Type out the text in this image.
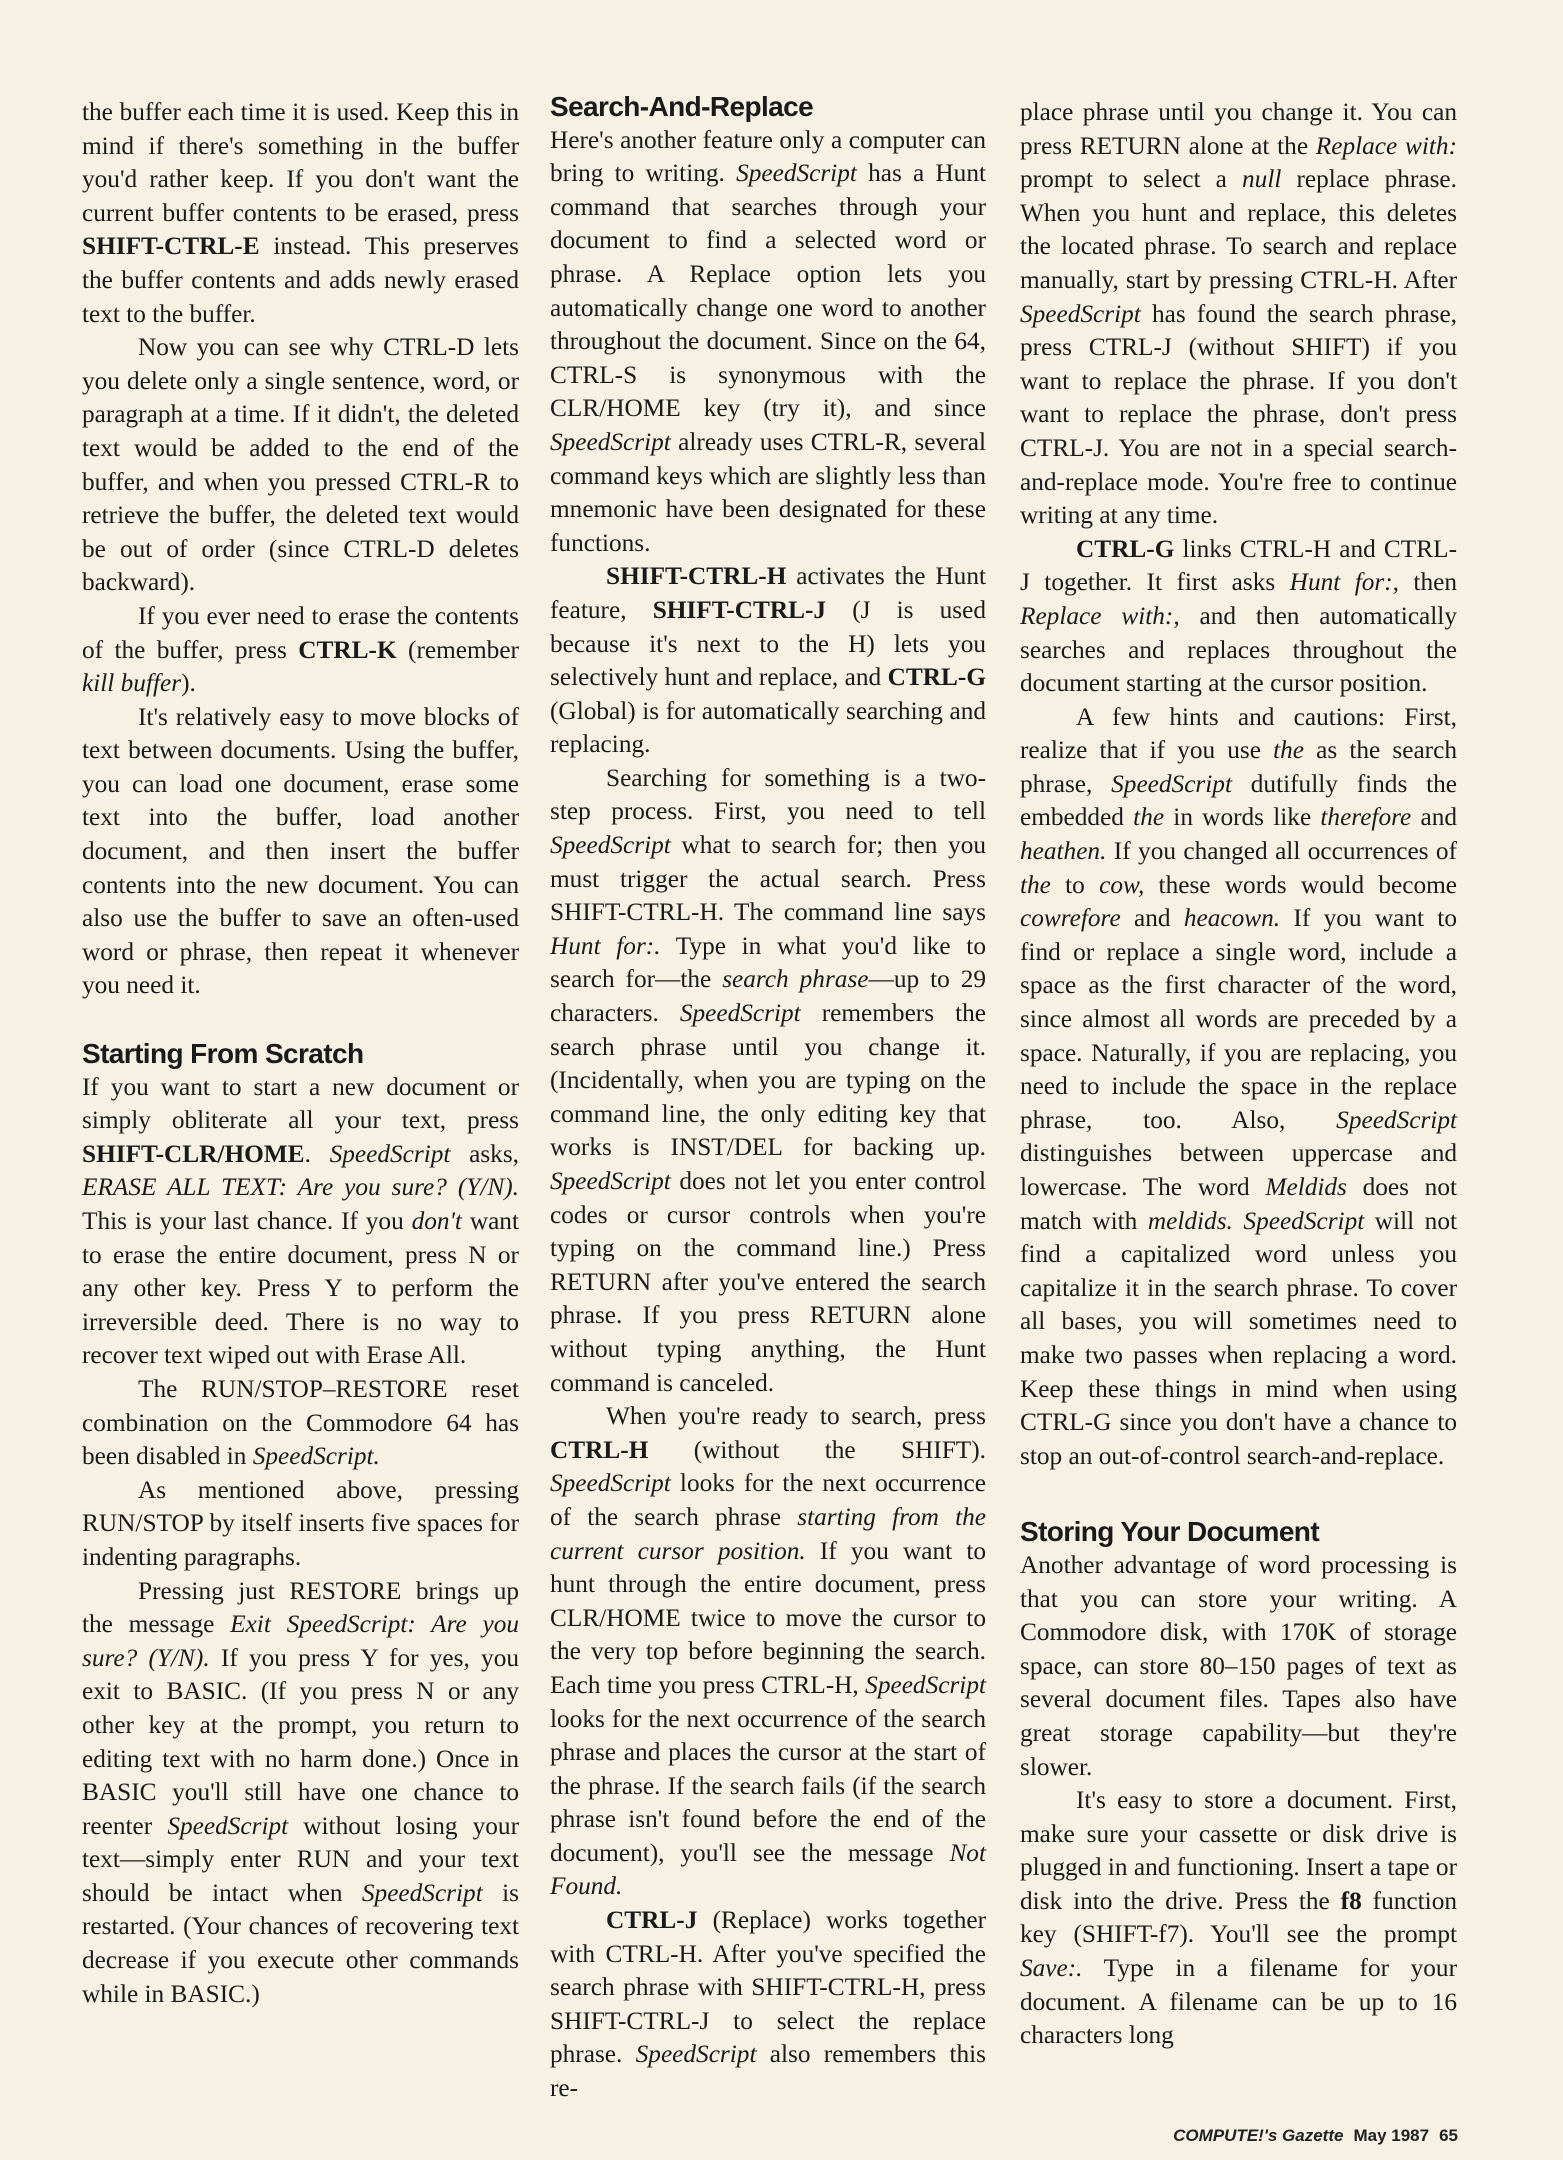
the buffer each time it is used. Keep this in mind if there's something in the buffer you'd rather keep. If you don't want the current buffer contents to be erased, press SHIFT-CTRL-E instead. This preserves the buffer contents and adds newly erased text to the buffer.

Now you can see why CTRL-D lets you delete only a single sentence, word, or paragraph at a time. If it didn't, the deleted text would be added to the end of the buffer, and when you pressed CTRL-R to retrieve the buffer, the deleted text would be out of order (since CTRL-D deletes backward).

If you ever need to erase the contents of the buffer, press CTRL-K (remember kill buffer).

It's relatively easy to move blocks of text between documents. Using the buffer, you can load one document, erase some text into the buffer, load another document, and then insert the buffer contents into the new document. You can also use the buffer to save an often-used word or phrase, then repeat it whenever you need it.

Starting From Scratch

If you want to start a new document or simply obliterate all your text, press SHIFT-CLR/HOME. SpeedScript asks, ERASE ALL TEXT: Are you sure? (Y/N). This is your last chance. If you don't want to erase the entire document, press N or any other key. Press Y to perform the irreversible deed. There is no way to recover text wiped out with Erase All.

The RUN/STOP–RESTORE reset combination on the Commodore 64 has been disabled in SpeedScript.

As mentioned above, pressing RUN/STOP by itself inserts five spaces for indenting paragraphs.

Pressing just RESTORE brings up the message Exit SpeedScript: Are you sure? (Y/N). If you press Y for yes, you exit to BASIC. (If you press N or any other key at the prompt, you return to editing text with no harm done.) Once in BASIC you'll still have one chance to reenter SpeedScript without losing your text—simply enter RUN and your text should be intact when SpeedScript is restarted. (Your chances of recovering text decrease if you execute other commands while in BASIC.)

Search-And-Replace

Here's another feature only a computer can bring to writing. SpeedScript has a Hunt command that searches through your document to find a selected word or phrase. A Replace option lets you automatically change one word to another throughout the document. Since on the 64, CTRL-S is synonymous with the CLR/HOME key (try it), and since SpeedScript already uses CTRL-R, several command keys which are slightly less than mnemonic have been designated for these functions.

SHIFT-CTRL-H activates the Hunt feature, SHIFT-CTRL-J (J is used because it's next to the H) lets you selectively hunt and replace, and CTRL-G (Global) is for automatically searching and replacing.

Searching for something is a two-step process. First, you need to tell SpeedScript what to search for; then you must trigger the actual search. Press SHIFT-CTRL-H. The command line says Hunt for:. Type in what you'd like to search for—the search phrase—up to 29 characters. SpeedScript remembers the search phrase until you change it. (Incidentally, when you are typing on the command line, the only editing key that works is INST/DEL for backing up. SpeedScript does not let you enter control codes or cursor controls when you're typing on the command line.) Press RETURN after you've entered the search phrase. If you press RETURN alone without typing anything, the Hunt command is canceled.

When you're ready to search, press CTRL-H (without the SHIFT). SpeedScript looks for the next occurrence of the search phrase starting from the current cursor position. If you want to hunt through the entire document, press CLR/HOME twice to move the cursor to the very top before beginning the search. Each time you press CTRL-H, SpeedScript looks for the next occurrence of the search phrase and places the cursor at the start of the phrase. If the search fails (if the search phrase isn't found before the end of the document), you'll see the message Not Found.

CTRL-J (Replace) works together with CTRL-H. After you've specified the search phrase with SHIFT-CTRL-H, press SHIFT-CTRL-J to select the replace phrase. SpeedScript also remembers this re-

place phrase until you change it. You can press RETURN alone at the Replace with: prompt to select a null replace phrase. When you hunt and replace, this deletes the located phrase. To search and replace manually, start by pressing CTRL-H. After SpeedScript has found the search phrase, press CTRL-J (without SHIFT) if you want to replace the phrase. If you don't want to replace the phrase, don't press CTRL-J. You are not in a special search-and-replace mode. You're free to continue writing at any time.

CTRL-G links CTRL-H and CTRL-J together. It first asks Hunt for:, then Replace with:, and then automatically searches and replaces throughout the document starting at the cursor position.

A few hints and cautions: First, realize that if you use the as the search phrase, SpeedScript dutifully finds the embedded the in words like therefore and heathen. If you changed all occurrences of the to cow, these words would become cowrefore and heacown. If you want to find or replace a single word, include a space as the first character of the word, since almost all words are preceded by a space. Naturally, if you are replacing, you need to include the space in the replace phrase, too. Also, SpeedScript distinguishes between uppercase and lowercase. The word Meldids does not match with meldids. SpeedScript will not find a capitalized word unless you capitalize it in the search phrase. To cover all bases, you will sometimes need to make two passes when replacing a word. Keep these things in mind when using CTRL-G since you don't have a chance to stop an out-of-control search-and-replace.

Storing Your Document

Another advantage of word processing is that you can store your writing. A Commodore disk, with 170K of storage space, can store 80–150 pages of text as several document files. Tapes also have great storage capability—but they're slower.

It's easy to store a document. First, make sure your cassette or disk drive is plugged in and functioning. Insert a tape or disk into the drive. Press the f8 function key (SHIFT-f7). You'll see the prompt Save:. Type in a filename for your document. A filename can be up to 16 characters long

COMPUTE!'s Gazette May 1987 65
